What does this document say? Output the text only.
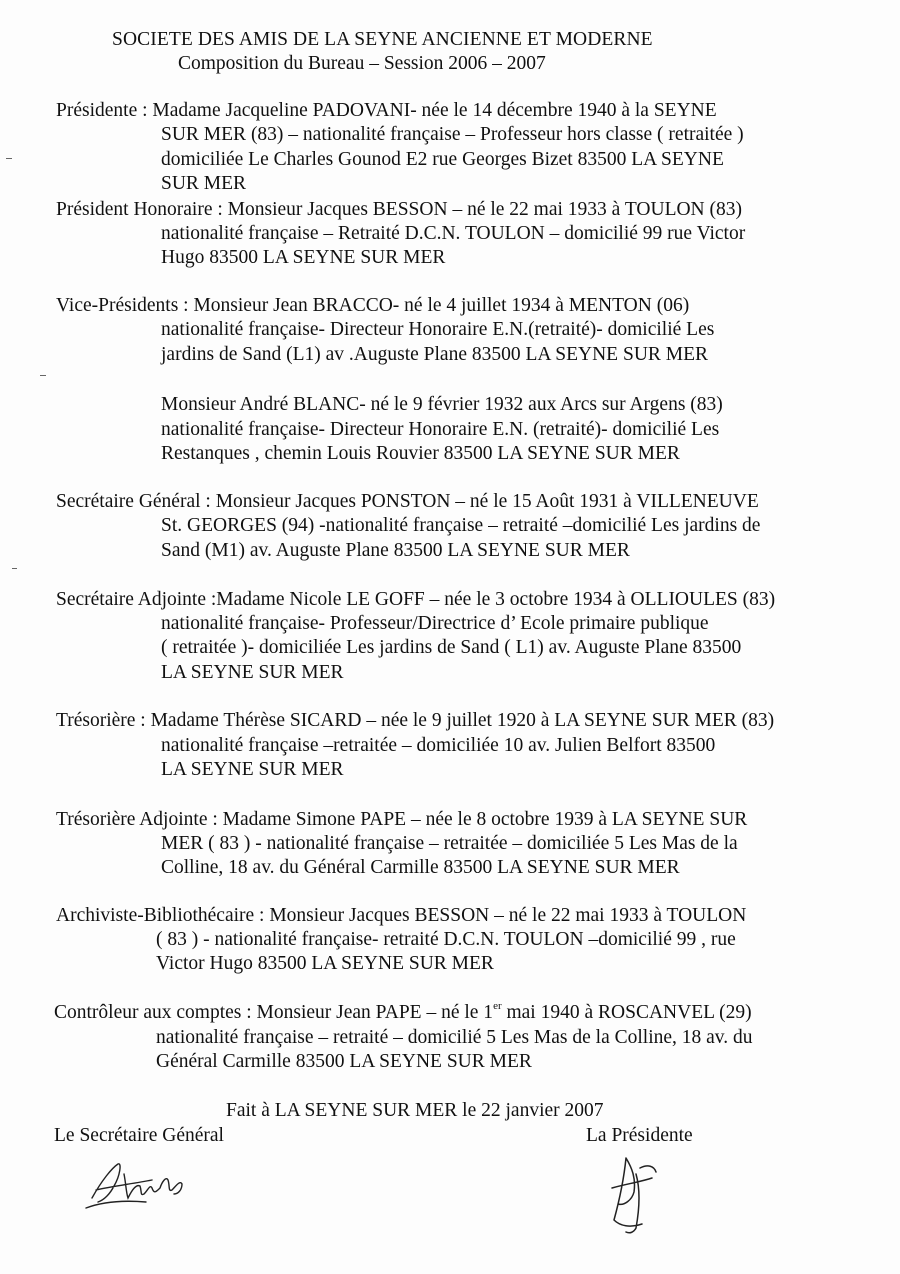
SOCIETE DES AMIS DE LA SEYNE ANCIENNE ET MODERNE
Composition du Bureau – Session 2006 – 2007
Présidente : Madame Jacqueline PADOVANI- née le 14 décembre 1940 à la SEYNE
SUR MER (83) – nationalité française – Professeur hors classe ( retraitée )
domiciliée Le Charles Gounod E2 rue Georges Bizet 83500 LA SEYNE
SUR MER
Président Honoraire : Monsieur Jacques BESSON – né le 22 mai 1933 à TOULON (83)
nationalité française – Retraité D.C.N. TOULON – domicilié 99 rue Victor
Hugo 83500 LA SEYNE SUR MER
Vice-Présidents : Monsieur Jean BRACCO- né le 4 juillet 1934 à MENTON (06)
nationalité française- Directeur Honoraire E.N.(retraité)- domicilié Les
jardins de Sand (L1) av .Auguste Plane 83500 LA SEYNE SUR MER
Monsieur André BLANC- né le 9 février 1932 aux Arcs sur Argens (83)
nationalité française- Directeur Honoraire E.N. (retraité)- domicilié Les
Restanques , chemin Louis Rouvier 83500 LA SEYNE SUR MER
Secrétaire Général : Monsieur Jacques PONSTON – né le 15 Août 1931 à VILLENEUVE
St. GEORGES (94) -nationalité française – retraité –domicilié Les jardins de
Sand (M1) av. Auguste Plane 83500 LA SEYNE SUR MER
Secrétaire Adjointe :Madame Nicole LE GOFF – née le 3 octobre 1934 à OLLIOULES (83)
nationalité française- Professeur/Directrice d’ Ecole primaire publique
( retraitée )- domiciliée Les jardins de Sand ( L1) av. Auguste Plane 83500
LA SEYNE SUR MER
Trésorière : Madame Thérèse SICARD – née le 9 juillet 1920 à LA SEYNE SUR MER (83)
nationalité française –retraitée – domiciliée 10 av. Julien Belfort 83500
LA SEYNE SUR MER
Trésorière Adjointe : Madame Simone PAPE – née le 8 octobre 1939 à LA SEYNE SUR
MER ( 83 ) - nationalité française – retraitée – domiciliée 5 Les Mas de la
Colline, 18 av. du Général Carmille 83500 LA SEYNE SUR MER
Archiviste-Bibliothécaire : Monsieur Jacques BESSON – né le 22 mai 1933 à TOULON
( 83 ) - nationalité française- retraité D.C.N. TOULON –domicilié 99 , rue
Victor Hugo 83500 LA SEYNE SUR MER
Contrôleur aux comptes : Monsieur Jean PAPE – né le 1er mai 1940 à ROSCANVEL (29)
nationalité française – retraité – domicilié 5 Les Mas de la Colline, 18 av. du
Général Carmille 83500 LA SEYNE SUR MER
Fait à LA SEYNE SUR MER le 22 janvier 2007
Le Secrétaire Général	La Présidente
Ponston
